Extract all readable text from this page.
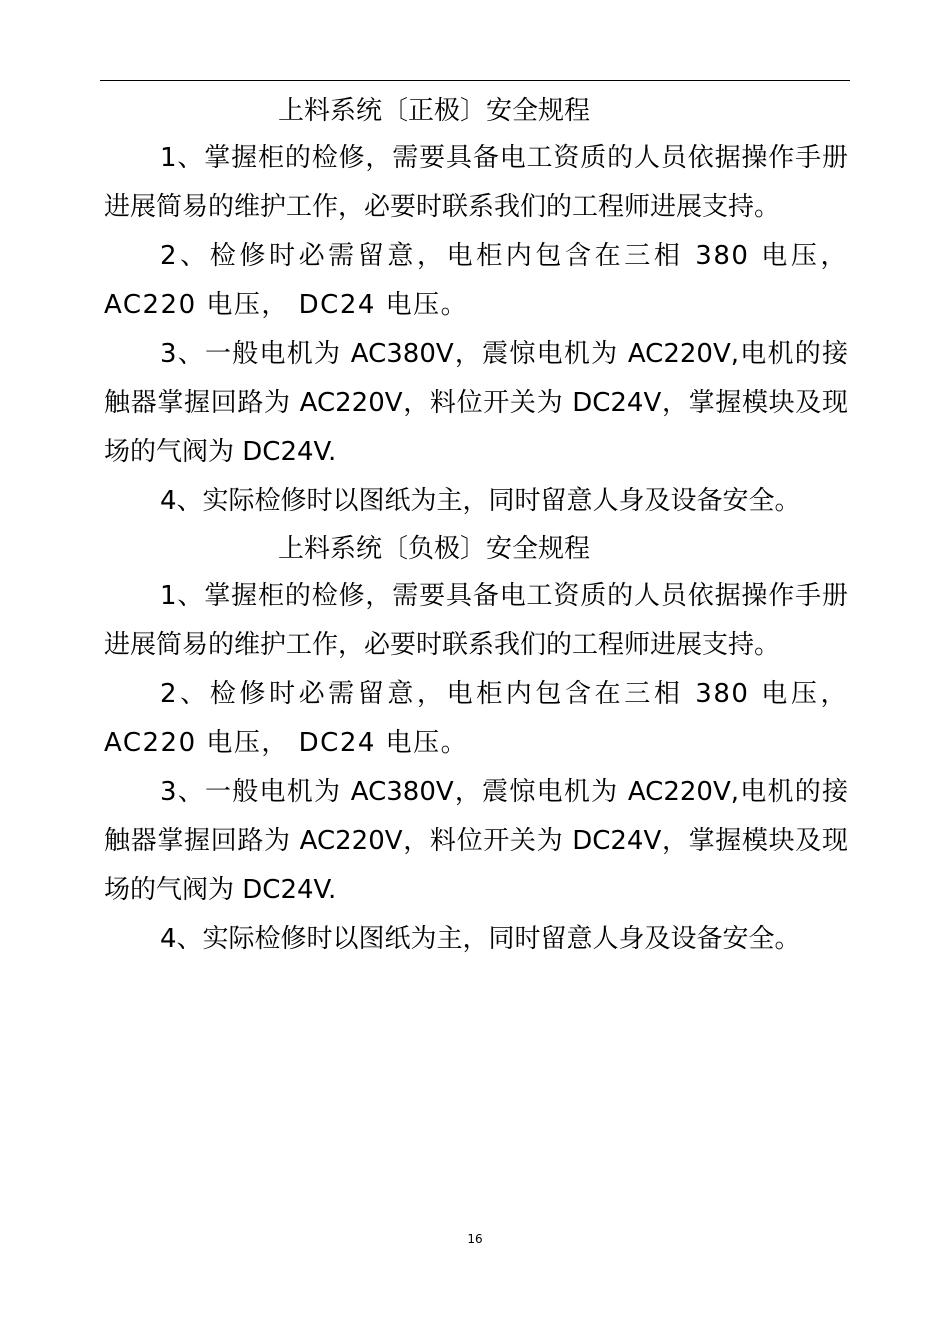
上料系统〔正极〕安全规程

1、掌握柜的检修，需要具备电工资质的人员依据操作手册进展简易的维护工作，必要时联系我们的工程师进展支持。

2、检修时必需留意，电柜内包含在三相 380 电压，AC220 电压， DC24 电压。

3、一般电机为 AC380V，震惊电机为 AC220V,电机的接触器掌握回路为 AC220V，料位开关为 DC24V，掌握模块及现场的气阀为 DC24V.

4、实际检修时以图纸为主，同时留意人身及设备安全。

上料系统〔负极〕安全规程

1、掌握柜的检修，需要具备电工资质的人员依据操作手册进展简易的维护工作，必要时联系我们的工程师进展支持。

2、检修时必需留意，电柜内包含在三相 380 电压，AC220 电压， DC24 电压。

3、一般电机为 AC380V，震惊电机为 AC220V,电机的接触器掌握回路为 AC220V，料位开关为 DC24V，掌握模块及现场的气阀为 DC24V.

4、实际检修时以图纸为主，同时留意人身及设备安全。

16
